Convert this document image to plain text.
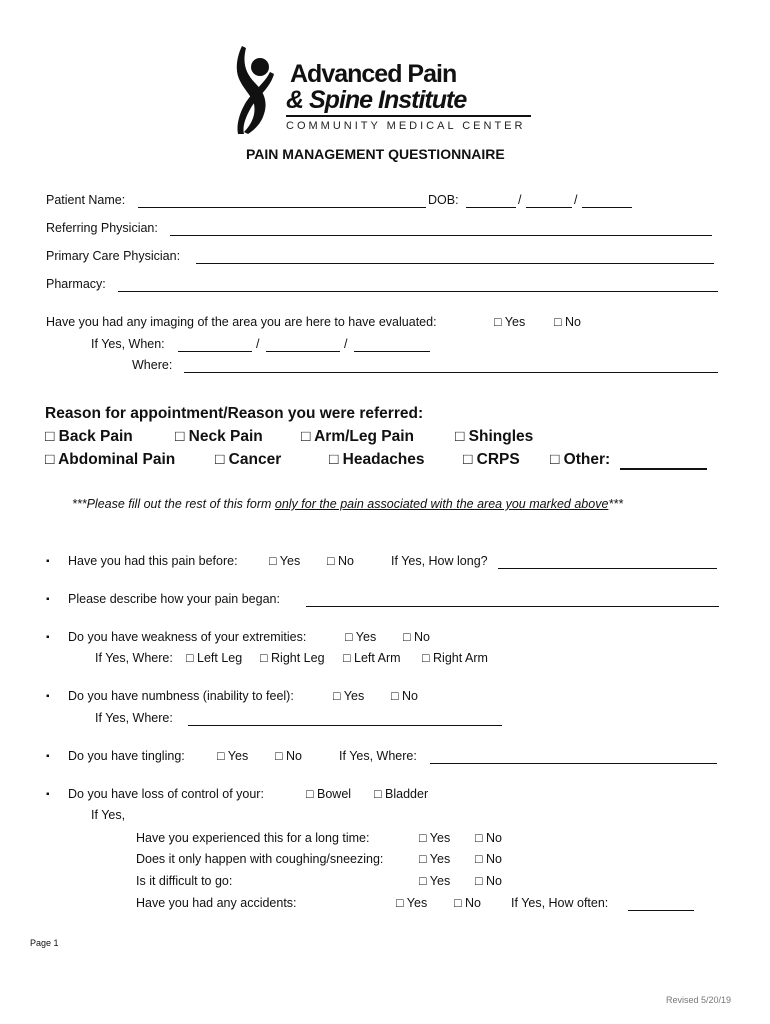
Advanced Pain
& Spine Institute
COMMUNITY MEDICAL CENTER
PAIN MANAGEMENT QUESTIONNAIRE
Patient Name:	DOB:	/	/
Referring Physician:
Primary Care Physician:
Pharmacy:
Have you had any imaging of the area you are here to have evaluated:	□ Yes □ No
If Yes, When:	/	/
Where:
Reason for appointment/Reason you were referred:
□ Back Pain	□ Neck Pain □ Arm/Leg Pain	□ Shingles
□ Abdominal Pain	□ Cancer	□ Headaches □ CRPS □ Other:
***Please fill out the rest of this form only for the pain associated with the area you marked above***
▪ Have you had this pain before:	□ Yes □ No	If Yes, How long?
▪ Please describe how your pain began:
▪ Do you have weakness of your extremities:	□ Yes □ No
If Yes, Where: □ Left Leg □ Right Leg □ Left Arm □ Right Arm
▪ Do you have numbness (inability to feel):	□ Yes □ No
If Yes, Where:
▪ Do you have tingling:	□ Yes □ No	If Yes, Where:
▪ Do you have loss of control of your:	□ Bowel □ Bladder
If Yes,
Have you experienced this for a long time:	□ Yes □ No
Does it only happen with coughing/sneezing:	□ Yes □ No
Is it difficult to go:	□ Yes □ No
Have you had any accidents:	□ Yes □ No If Yes, How often:
Page 1
Revised 5/20/19
